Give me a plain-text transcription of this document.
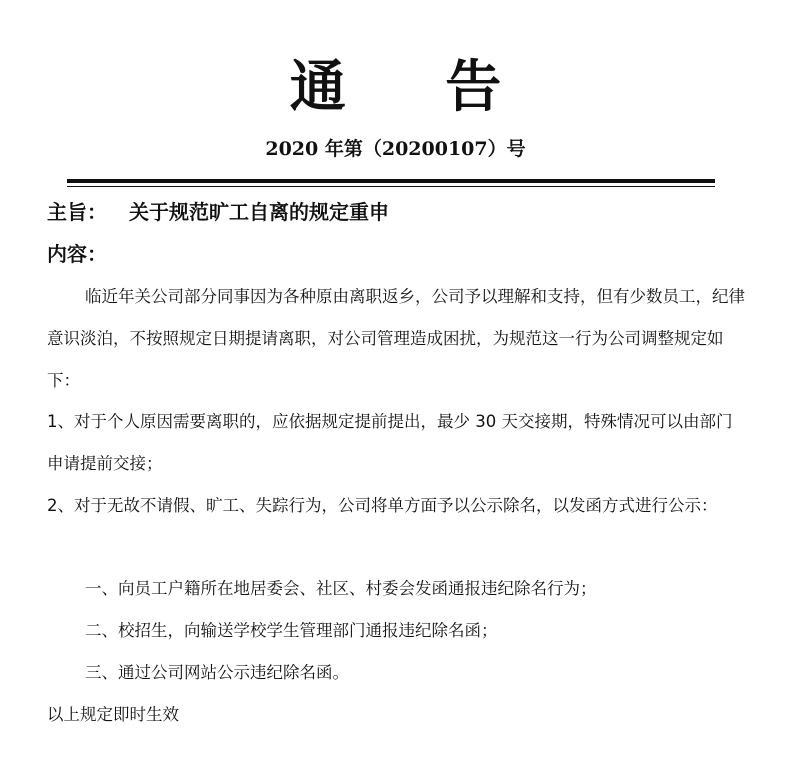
通 告
2020 年第（20200107）号
主旨： 关于规范旷工自离的规定重申
内容：

临近年关公司部分同事因为各种原由离职返乡，公司予以理解和支持，但有少数员工，纪律意识淡泊，不按照规定日期提请离职，对公司管理造成困扰，为规范这一行为公司调整规定如下：

1、对于个人原因需要离职的，应依据规定提前提出，最少 30 天交接期，特殊情况可以由部门申请提前交接；

2、对于无故不请假、旷工、失踪行为，公司将单方面予以公示除名，以发函方式进行公示：

一、向员工户籍所在地居委会、社区、村委会发函通报违纪除名行为；

二、校招生，向输送学校学生管理部门通报违纪除名函；

三、通过公司网站公示违纪除名函。

以上规定即时生效
